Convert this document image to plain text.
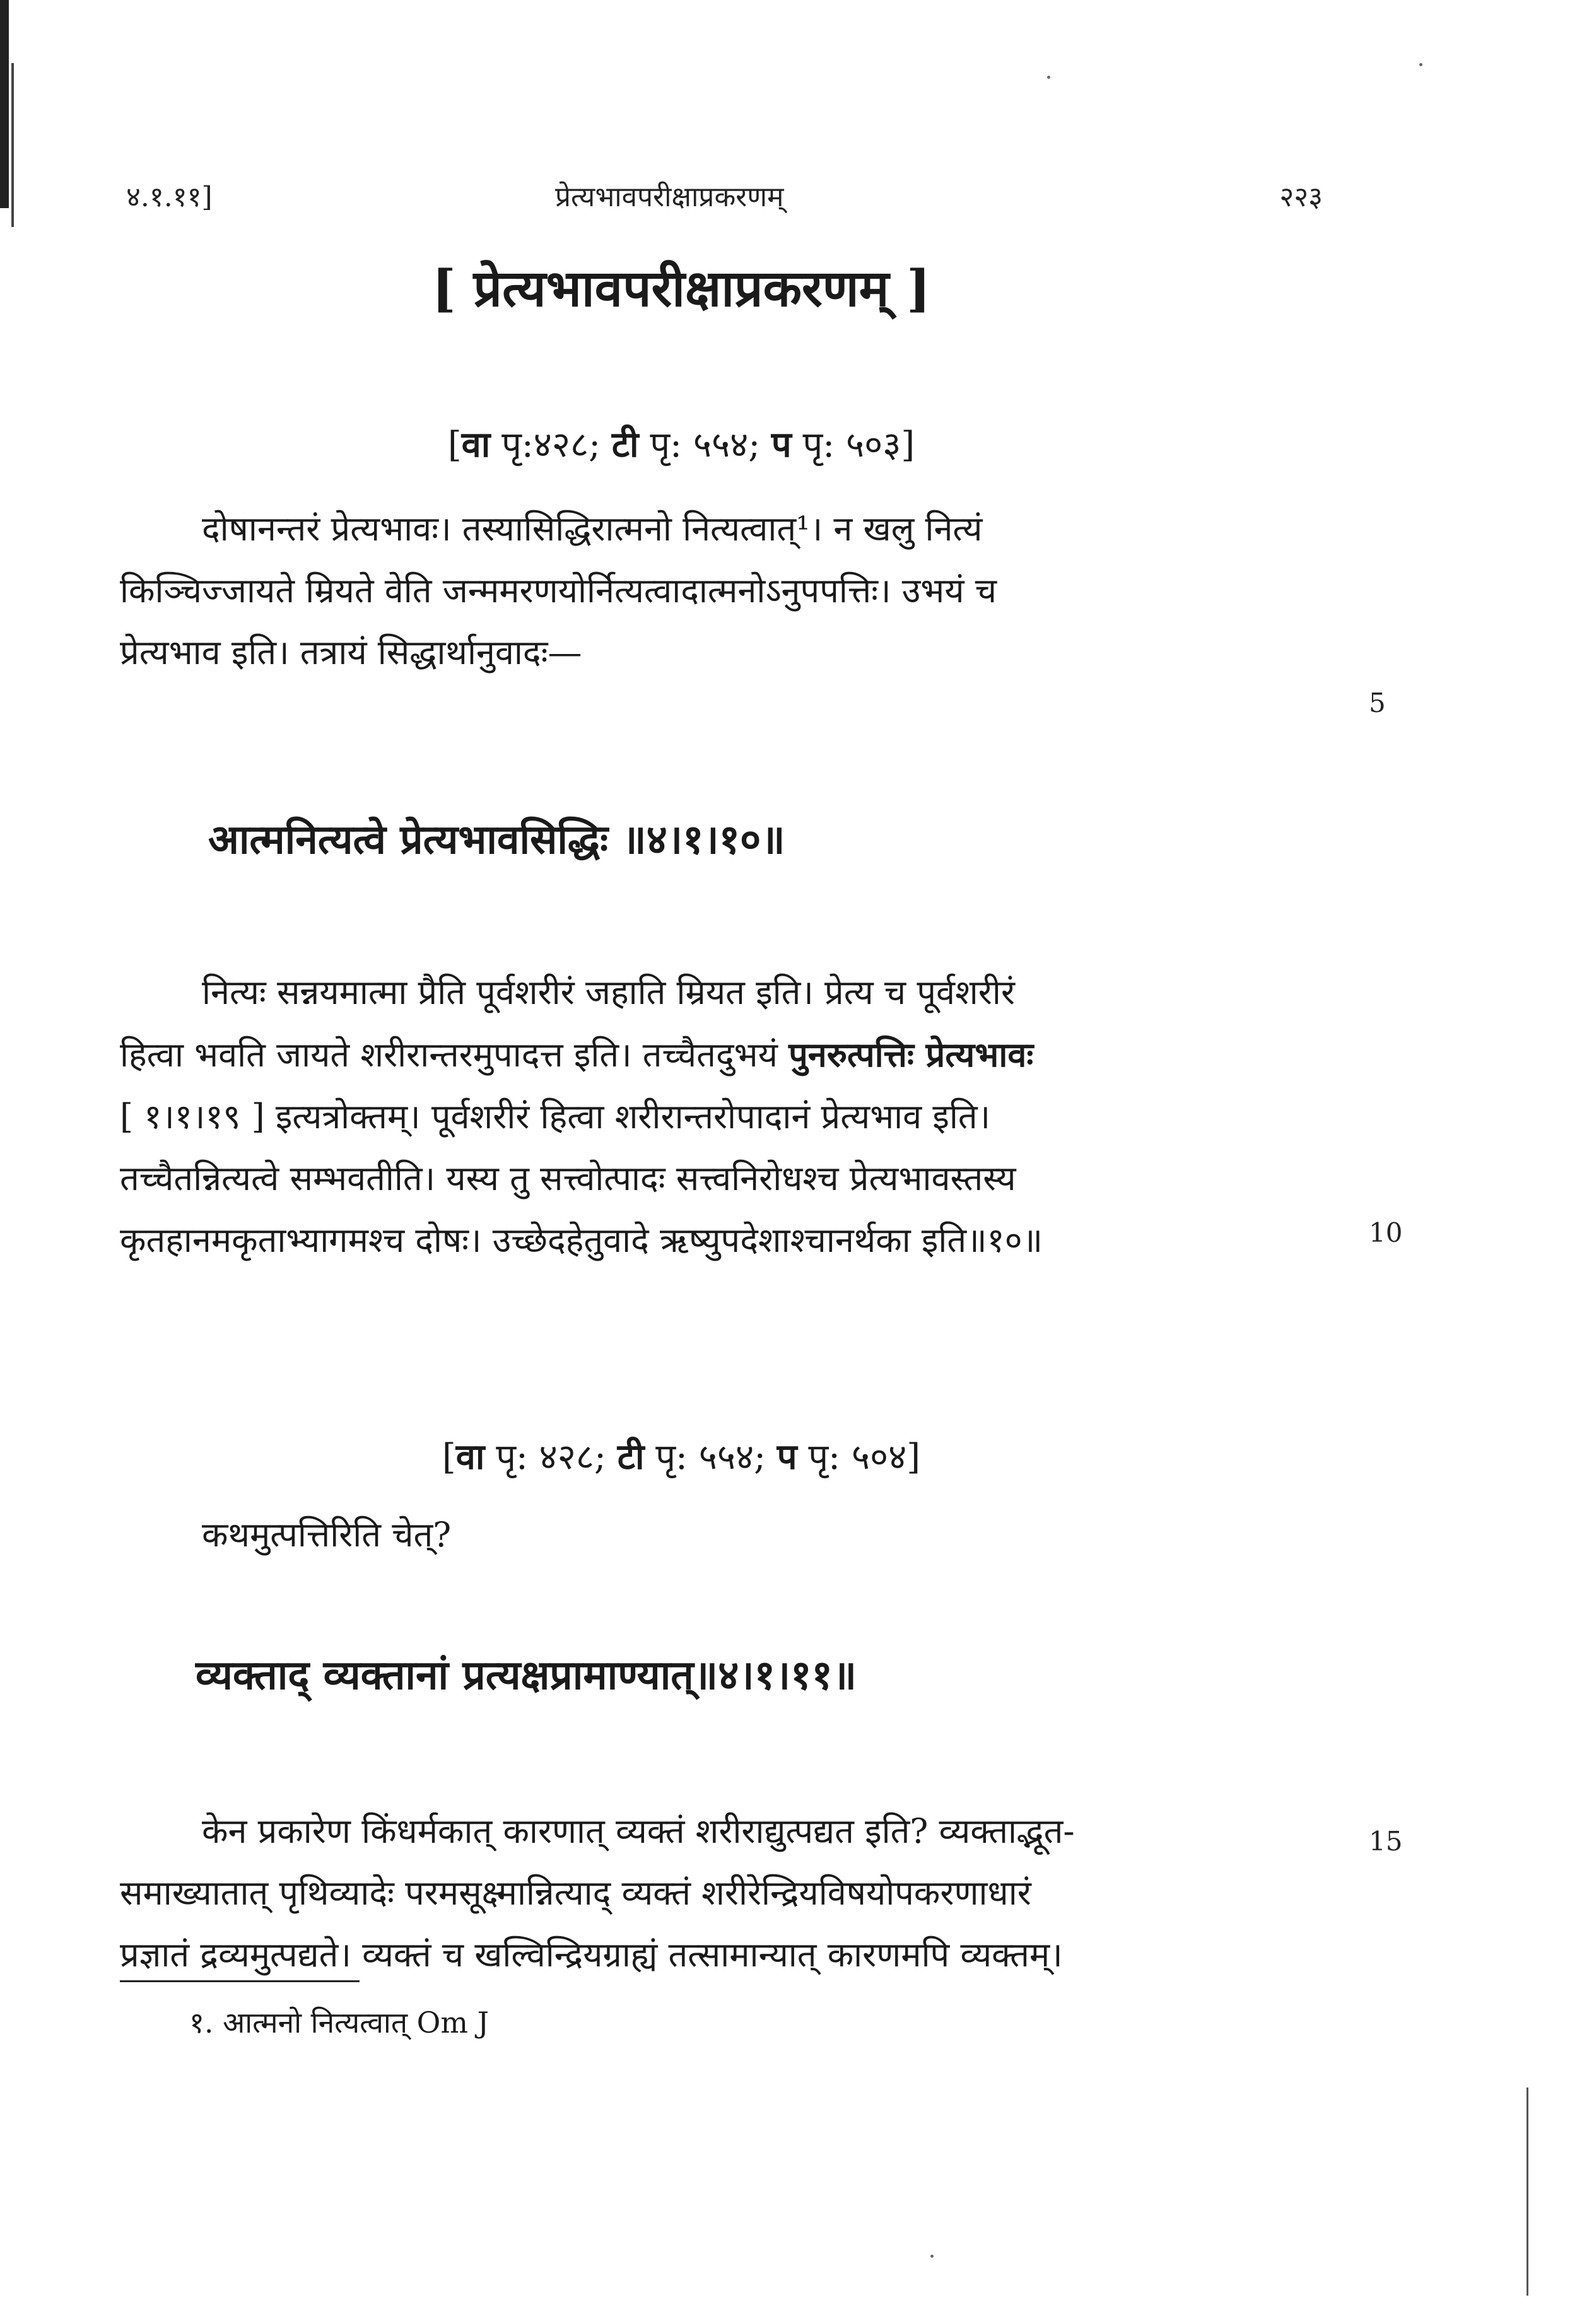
४.१.११]	प्रेत्यभावपरीक्षाप्रकरणम्	२२३
[ प्रेत्यभावपरीक्षाप्रकरणम् ]
[वा पृ:४२८; टी पृ: ५५४; प पृ: ५०३]
दोषानन्तरं प्रेत्यभावः। तस्यासिद्धिरात्मनो नित्यत्वात्¹। न खलु नित्यं
किञ्चिज्जायते म्रियते वेति जन्ममरणयोर्नित्यत्वादात्मनोऽनुपपत्तिः। उभयं च
प्रेत्यभाव इति। तत्रायं सिद्धार्थानुवादः—
5
आत्मनित्यत्वे प्रेत्यभावसिद्धिः ॥४।१।१०॥
नित्यः सन्नयमात्मा प्रैति पूर्वशरीरं जहाति म्रियत इति। प्रेत्य च पूर्वशरीरं
हित्वा भवति जायते शरीरान्तरमुपादत्त इति। तच्चैतदुभयं पुनरुत्पत्तिः प्रेत्यभावः
[ १।१।१९ ] इत्यत्रोक्तम्। पूर्वशरीरं हित्वा शरीरान्तरोपादानं प्रेत्यभाव इति।
तच्चैतन्नित्यत्वे सम्भवतीति। यस्य तु सत्त्वोत्पादः सत्त्वनिरोधश्च प्रेत्यभावस्तस्य
कृतहानमकृताभ्यागमश्च दोषः। उच्छेदहेतुवादे ऋष्युपदेशाश्चानर्थका इति॥१०॥	10
[वा पृ: ४२८; टी पृ: ५५४; प पृ: ५०४]
कथमुत्पत्तिरिति चेत्?
व्यक्ताद् व्यक्तानां प्रत्यक्षप्रामाण्यात्॥४।१।११॥
केन प्रकारेण किंधर्मकात् कारणात् व्यक्तं शरीराद्युत्पद्यत इति? व्यक्ताद्भूत-
समाख्यातात् पृथिव्यादेः परमसूक्ष्मान्नित्याद् व्यक्तं शरीरेन्द्रियविषयोपकरणाधारं
प्रज्ञातं द्रव्यमुत्पद्यते। व्यक्तं च खल्विन्द्रियग्राह्यं तत्सामान्यात् कारणमपि व्यक्तम्।
15
१. आत्मनो नित्यत्वात् Om J
